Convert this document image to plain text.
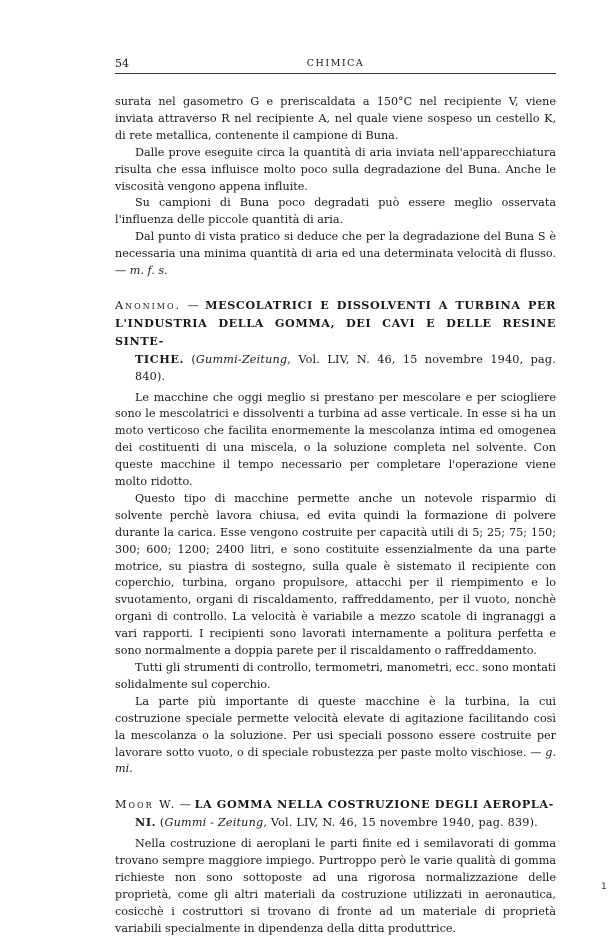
54	CHIMICA

surata nel gasometro G e preriscaldata a 150°C nel recipiente V, viene inviata attraverso R nel recipiente A, nel quale viene sospeso un cestello K, di rete metallica, contenente il campione di Buna.

Dalle prove eseguite circa la quantità di aria inviata nell'apparecchiatura risulta che essa influisce molto poco sulla degradazione del Buna. Anche le viscosità vengono appena influite.

Su campioni di Buna poco degradati può essere meglio osservata l'influenza delle piccole quantità di aria.

Dal punto di vista pratico si deduce che per la degradazione del Buna S è necessaria una minima quantità di aria ed una determinata velocità di flusso. — m. f. s.

Anonimo. — MESCOLATRICI E DISSOLVENTI A TURBINA PER L'INDUSTRIA DELLA GOMMA, DEI CAVI E DELLE RESINE SINTE-
TICHE. (Gummi-Zeitung, Vol. LIV, N. 46, 15 novembre 1940, pag. 840).

Le macchine che oggi meglio si prestano per mescolare e per sciogliere sono le mescolatrici e dissolventi a turbina ad asse verticale. In esse si ha un moto verticoso che facilita enormemente la mescolanza intima ed omogenea dei costituenti di una miscela, o la soluzione completa nel solvente. Con queste macchine il tempo necessario per completare l'operazione viene molto ridotto.

Questo tipo di macchine permette anche un notevole risparmio di solvente perchè lavora chiusa, ed evita quindi la formazione di polvere durante la carica. Esse vengono costruite per capacità utili di 5; 25; 75; 150; 300; 600; 1200; 2400 litri, e sono costituite essenzialmente da una parte motrice, su piastra di sostegno, sulla quale è sistemato il recipiente con coperchio, turbina, organo propulsore, attacchi per il riempimento e lo svuotamento, organi di riscaldamento, raffreddamento, per il vuoto, nonchè organi di controllo. La velocità è variabile a mezzo scatole di ingranaggi a vari rapporti. I recipienti sono lavorati internamente a politura perfetta e sono normalmente a doppia parete per il riscaldamento o raffreddamento.

Tutti gli strumenti di controllo, termometri, manometri, ecc. sono montati solidalmente sul coperchio.

La parte più importante di queste macchine è la turbina, la cui costruzione speciale permette velocità elevate di agitazione facilitando così la mescolanza o la soluzione. Per usi speciali possono essere costruite per lavorare sotto vuoto, o di speciale robustezza per paste molto vischiose. — g. mi.

Moor W. — LA GOMMA NELLA COSTRUZIONE DEGLI AEROPLA-
NI. (Gummi - Zeitung, Vol. LIV, N. 46, 15 novembre 1940, pag. 839).

Nella costruzione di aeroplani le parti finite ed i semilavorati di gomma trovano sempre maggiore impiego. Purtroppo però le varie qualità di gomma richieste non sono sottoposte ad una rigorosa normalizzazione delle proprietà, come gli altri materiali da costruzione utilizzati in aeronautica, cosicchè i costruttori si trovano di fronte ad un materiale di proprietà variabili specialmente in dipendenza della ditta produttrice.

1
